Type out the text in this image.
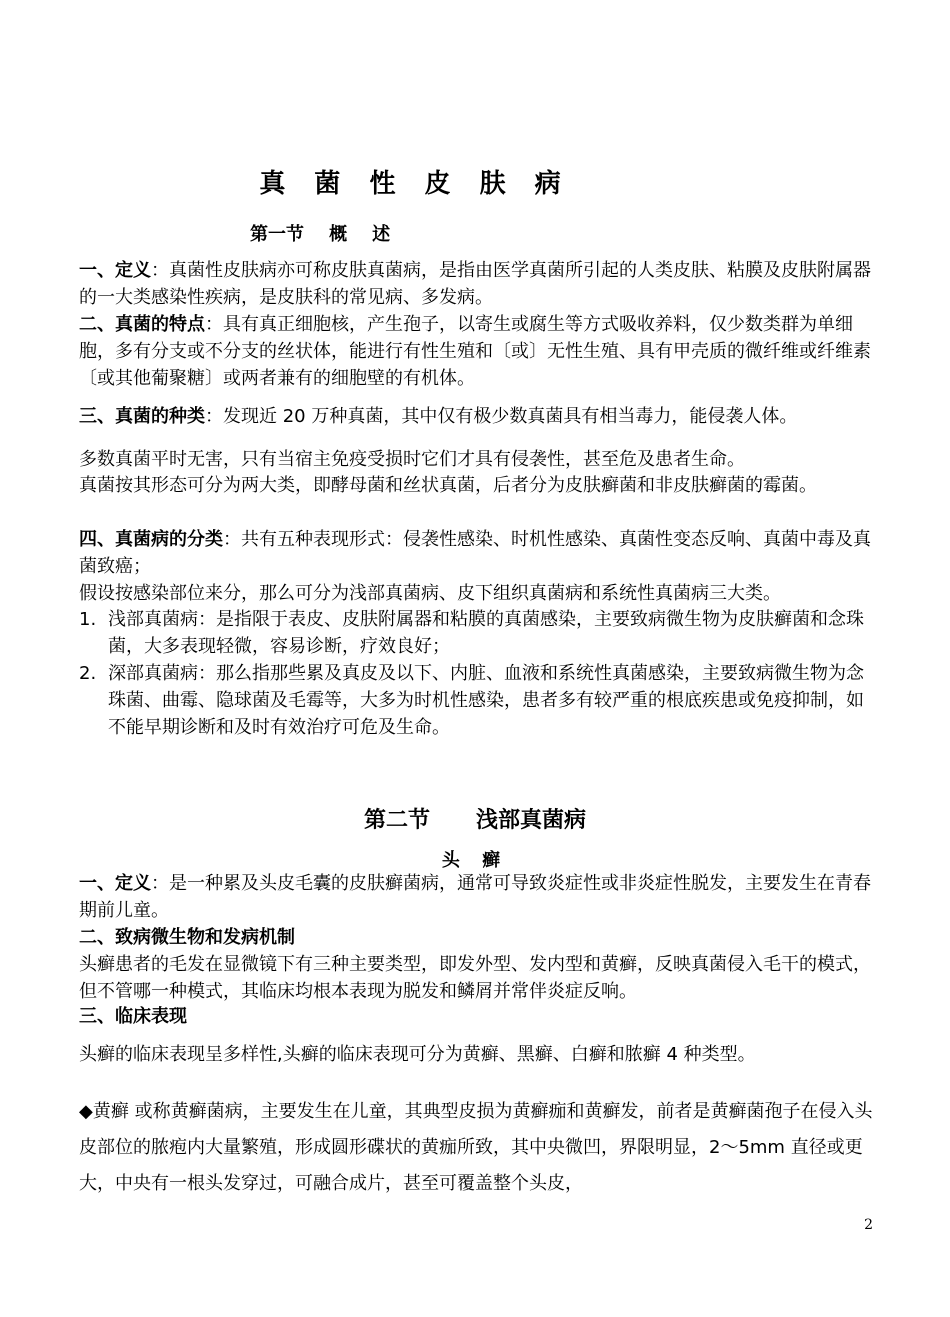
真 菌 性 皮 肤 病
第一节    概    述

一、定义：真菌性皮肤病亦可称皮肤真菌病，是指由医学真菌所引起的人类皮肤、粘膜及皮肤附属器的一大类感染性疾病，是皮肤科的常见病、多发病。

二、真菌的特点：具有真正细胞核，产生孢子，以寄生或腐生等方式吸收养料，仅少数类群为单细胞，多有分支或不分支的丝状体，能进行有性生殖和〔或〕无性生殖、具有甲壳质的微纤维或纤维素〔或其他葡聚糖〕或两者兼有的细胞壁的有机体。

三、真菌的种类：发现近 20 万种真菌，其中仅有极少数真菌具有相当毒力，能侵袭人体。

多数真菌平时无害，只有当宿主免疫受损时它们才具有侵袭性，甚至危及患者生命。

真菌按其形态可分为两大类，即酵母菌和丝状真菌，后者分为皮肤癣菌和非皮肤癣菌的霉菌。

四、真菌病的分类：共有五种表现形式：侵袭性感染、时机性感染、真菌性变态反响、真菌中毒及真菌致癌；

假设按感染部位来分，那么可分为浅部真菌病、皮下组织真菌病和系统性真菌病三大类。

1. 浅部真菌病：是指限于表皮、皮肤附属器和粘膜的真菌感染，主要致病微生物为皮肤癣菌和念珠菌，大多表现轻微，容易诊断，疗效良好；
2. 深部真菌病：那么指那些累及真皮及以下、内脏、血液和系统性真菌感染，主要致病微生物为念珠菌、曲霉、隐球菌及毛霉等，大多为时机性感染，患者多有较严重的根底疾患或免疫抑制，如不能早期诊断和及时有效治疗可危及生命。
第二节      浅部真菌病
头 癣

一、定义：是一种累及头皮毛囊的皮肤癣菌病，通常可导致炎症性或非炎症性脱发，主要发生在青春期前儿童。

二、致病微生物和发病机制

头癣患者的毛发在显微镜下有三种主要类型，即发外型、发内型和黄癣，反映真菌侵入毛干的模式，但不管哪一种模式，其临床均根本表现为脱发和鳞屑并常伴炎症反响。

三、临床表现

头癣的临床表现呈多样性,头癣的临床表现可分为黄癣、黑癣、白癣和脓癣 4 种类型。

◆黄癣 或称黄癣菌病，主要发生在儿童，其典型皮损为黄癣痂和黄癣发，前者是黄癣菌孢子在侵入头皮部位的脓疱内大量繁殖，形成圆形碟状的黄痂所致，其中央微凹，界限明显，2～5mm 直径或更大，中央有一根头发穿过，可融合成片，甚至可覆盖整个头皮，

2
